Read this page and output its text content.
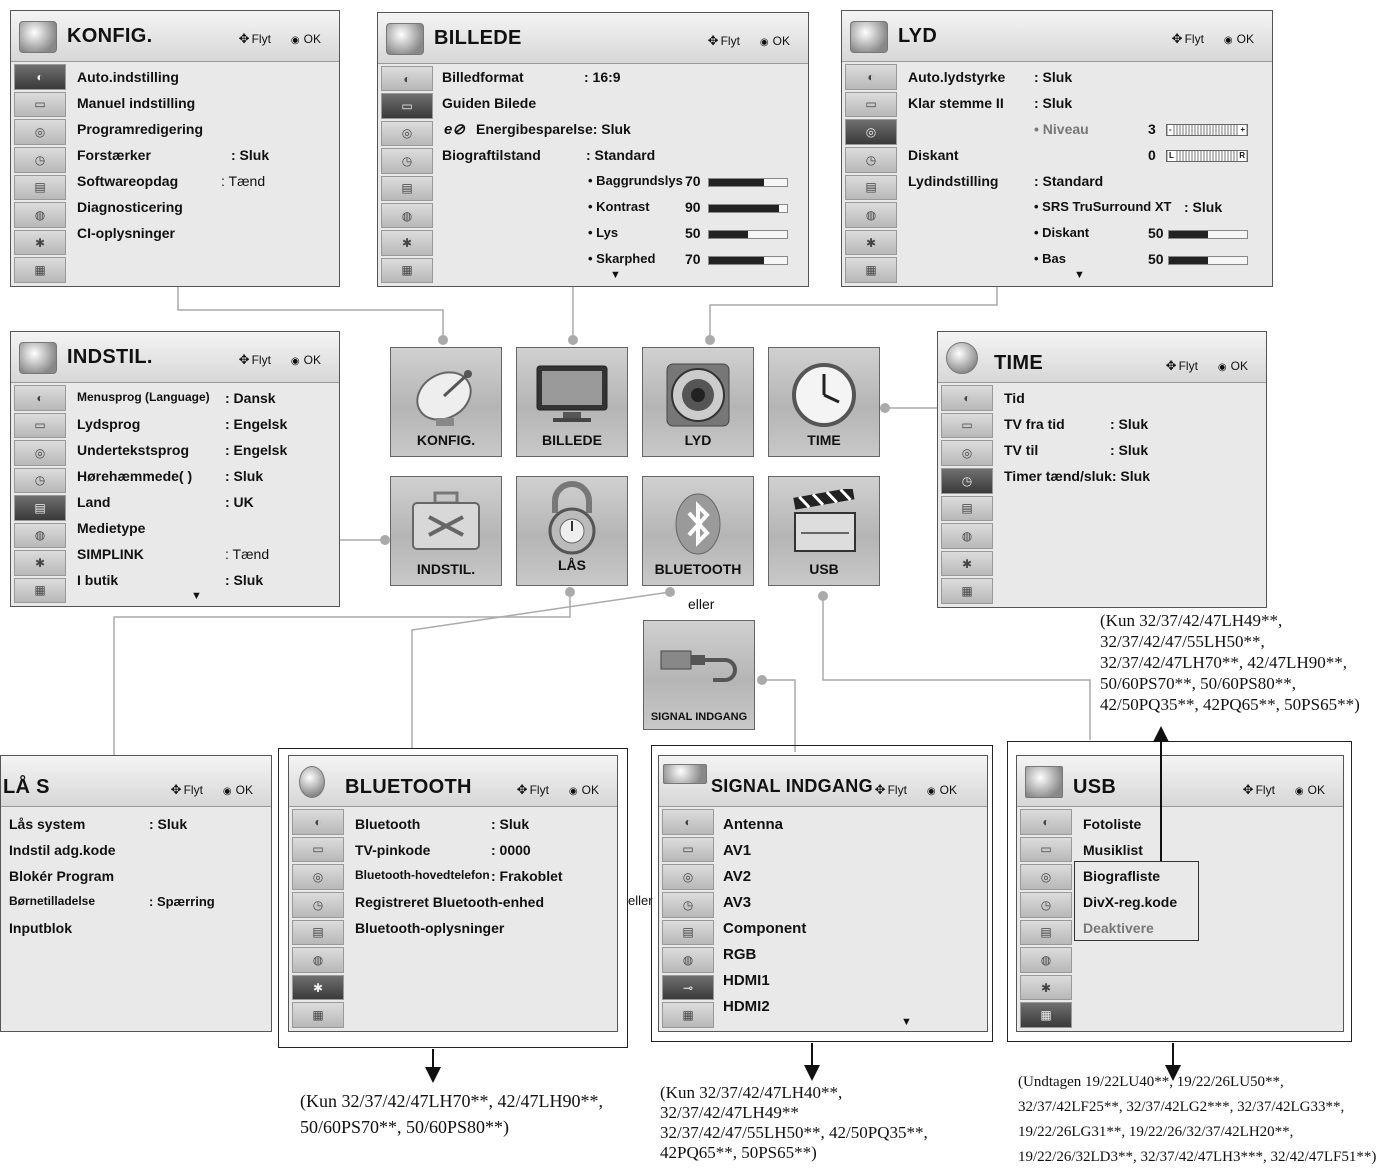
KONFIG.	✥ Flyt ◉ OK
◐
▭
◎
◷
▤
◍
✱
▦
Auto.indstilling
Manuel indstilling
Programredigering
Forstærker	: Sluk
Softwareopdag	: Tænd
Diagnosticering
CI-oplysninger
BILLEDE	✥ Flyt ◉ OK
◐
▭
◎
◷
▤
◍
✱
▦
Billedformat	: 16:9
Guiden Bilede
e⊘ Energibesparelse: Sluk
Biograftilstand	: Standard
• Baggrundslys 70
• Kontrast	90
• Lys	50
• Skarphed 70
▼
LYD	✥ Flyt ◉ OK
◐
▭
◎
◷
▤
◍
✱
▦
Auto.lydstyrke : Sluk
Klar stemme II : Sluk
• Niveau	3 -	+
Diskant	0 L	R
Lydindstilling	: Standard
• SRS TruSurround XT : Sluk
• Diskant	50
• Bas	50
▼
INDSTIL.	✥ Flyt ◉ OK
◐
▭
◎
◷
▤
◍
✱
▦
Menusprog (Language) : Dansk
Lydsprog	: Engelsk
Undertekstsprog	: Engelsk
Hørehæmmede( ) : Sluk
Land	: UK
Medietype
SIMPLINK	: Tænd
I butik	: Sluk
▼
TIME	✥ Flyt ◉ OK
◐
▭
◎
◷
▤
◍
✱
▦
Tid
TV fra tid	: Sluk
TV til	: Sluk
Timer tænd/sluk: Sluk
KONFIG.	BILLEDE	LYD	TIME
INDSTIL.	LÅS	BLUETOOTH	USB
eller
SIGNAL INDGANG
(Kun 32/37/42/47LH49**,
32/37/42/47/55LH50**,
32/37/42/47LH70**, 42/47LH90**,
50/60PS70**, 50/60PS80**,
42/50PQ35**, 42PQ65**, 50PS65**)
LÅ S	✥ Flyt ◉ OK
Lås system	: Sluk
Indstil adg.kode
Blokér Program
Børnetilladelse	: Spærring
Inputblok
BLUETOOTH	✥ Flyt ◉ OK
◐
▭
◎
◷
▤
◍
✱
▦
Bluetooth	: Sluk
TV-pinkode	: 0000
Bluetooth-hovedtelefon : Frakoblet
Registreret Bluetooth-enhed
Bluetooth-oplysninger
eller
SIGNAL INDGANG ✥ Flyt ◉ OK
◐
▭
◎
◷
▤
◍
⊸
▦
Antenna
AV1
AV2
AV3
Component
RGB
HDMI1
HDMI2
▼
USB	✥ Flyt ◉ OK
◐
▭
◎
◷
▤
◍
✱
▦
Fotoliste
Musiklist
Biografliste
DivX-reg.kode
Deaktivere
(Kun 32/37/42/47LH70**, 42/47LH90**,
50/60PS70**, 50/60PS80**)
(Kun 32/37/42/47LH40**,
32/37/42/47LH49**
32/37/42/47/55LH50**, 42/50PQ35**,
42PQ65**, 50PS65**)
(Undtagen 19/22LU40**, 19/22/26LU50**,
32/37/42LF25**, 32/37/42LG2***, 32/37/42LG33**,
19/22/26LG31**, 19/22/26/32/37/42LH20**,
19/22/26/32LD3**, 32/37/42/47LH3***, 32/42/47LF51**)
